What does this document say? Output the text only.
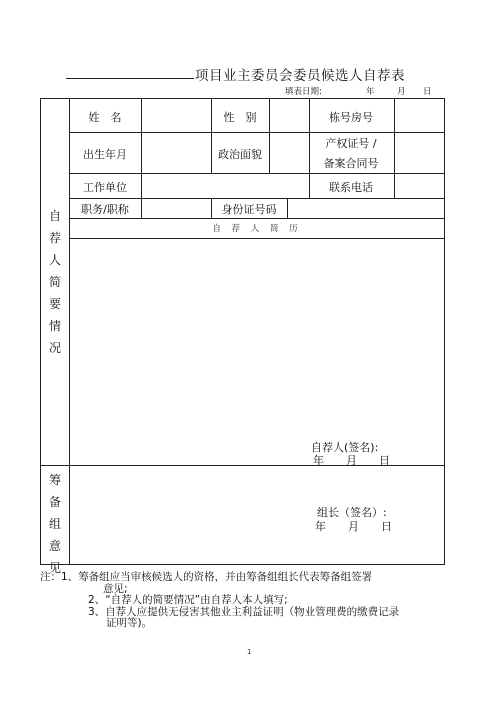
项目业主委员会委员候选人自荐表
填表日期:	年	月 日
姓　名	性　别	栋号房号
出生年月	政治面貌
产权证号 /
备案合同号
工作单位	联系电话
职务/职称	身份证号码
自 荐 人 简 历
自
荐
人
简
要
情
况
筹
备
组
意
见
自荐人(签名):
年　　月　　日
组长（签名）:
年　　月　　日
注：1、筹备组应当审核候选人的资格，并由筹备组组长代表筹备组签署
意见;
2、“自荐人的简要情况”由自荐人本人填写;
3、自荐人应提供无侵害其他业主利益证明（物业管理费的缴费记录
证明等)。
1
